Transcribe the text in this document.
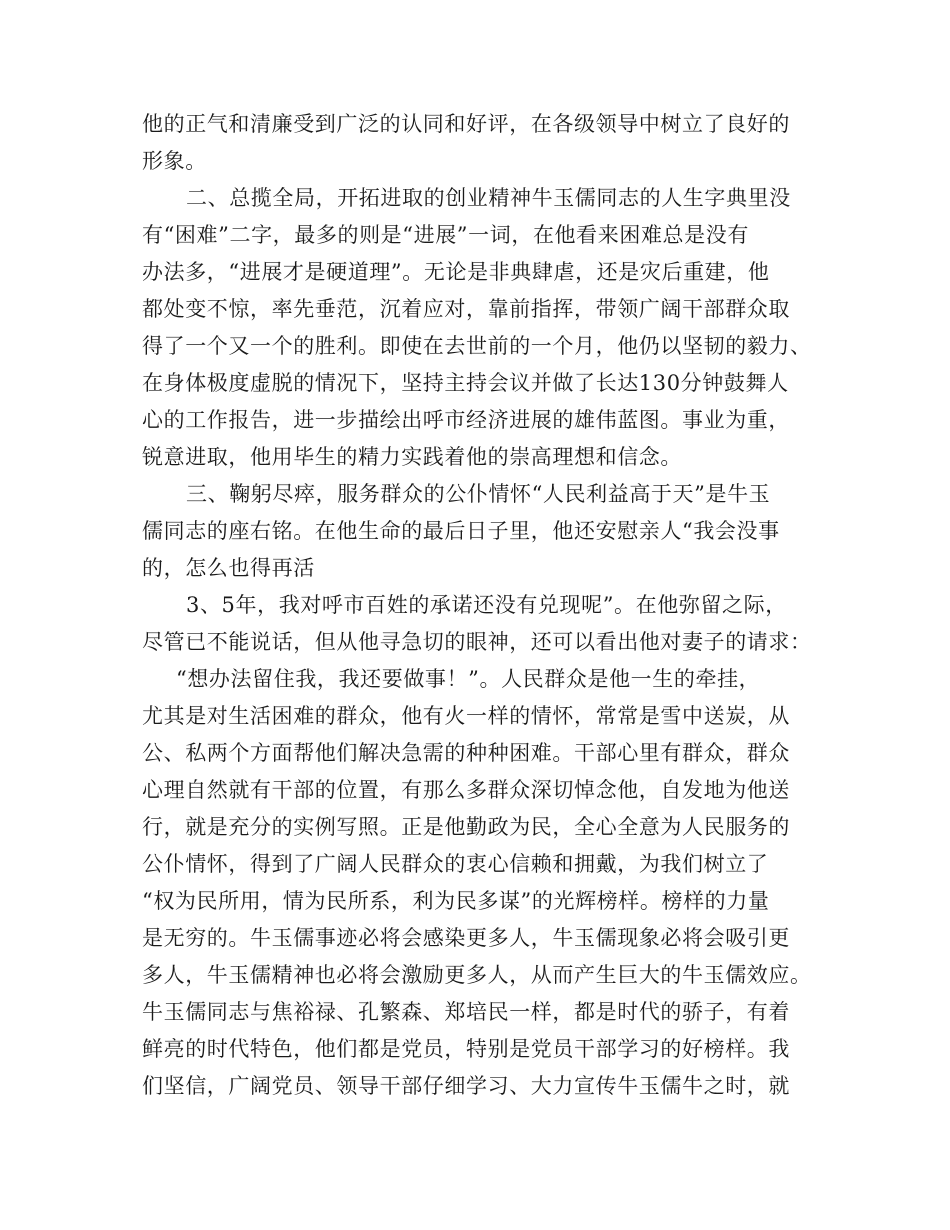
他的正气和清廉受到广泛的认同和好评，在各级领导中树立了良好的
形象。
二、总揽全局，开拓进取的创业精神牛玉儒同志的人生字典里没
有“困难”二字，最多的则是“进展”一词，在他看来困难总是没有
办法多，“进展才是硬道理”。无论是非典肆虐，还是灾后重建，他
都处变不惊，率先垂范，沉着应对，靠前指挥，带领广阔干部群众取
得了一个又一个的胜利。即使在去世前的一个月，他仍以坚韧的毅力、
在身体极度虚脱的情况下，坚持主持会议并做了长达130分钟鼓舞人
心的工作报告，进一步描绘出呼市经济进展的雄伟蓝图。事业为重，
锐意进取，他用毕生的精力实践着他的崇高理想和信念。
三、鞠躬尽瘁，服务群众的公仆情怀“人民利益高于天”是牛玉
儒同志的座右铭。在他生命的最后日子里，他还安慰亲人“我会没事
的，怎么也得再活
3、5年，我对呼市百姓的承诺还没有兑现呢”。在他弥留之际，
尽管已不能说话，但从他寻急切的眼神，还可以看出他对妻子的请求：
“想办法留住我，我还要做事！”。人民群众是他一生的牵挂，
尤其是对生活困难的群众，他有火一样的情怀，常常是雪中送炭，从
公、私两个方面帮他们解决急需的种种困难。干部心里有群众，群众
心理自然就有干部的位置，有那么多群众深切悼念他，自发地为他送
行，就是充分的实例写照。正是他勤政为民，全心全意为人民服务的
公仆情怀，得到了广阔人民群众的衷心信赖和拥戴，为我们树立了
“权为民所用，情为民所系，利为民多谋”的光辉榜样。榜样的力量
是无穷的。牛玉儒事迹必将会感染更多人，牛玉儒现象必将会吸引更
多人，牛玉儒精神也必将会激励更多人，从而产生巨大的牛玉儒效应。
牛玉儒同志与焦裕禄、孔繁森、郑培民一样，都是时代的骄子，有着
鲜亮的时代特色，他们都是党员，特别是党员干部学习的好榜样。我
们坚信，广阔党员、领导干部仔细学习、大力宣传牛玉儒牛之时，就
